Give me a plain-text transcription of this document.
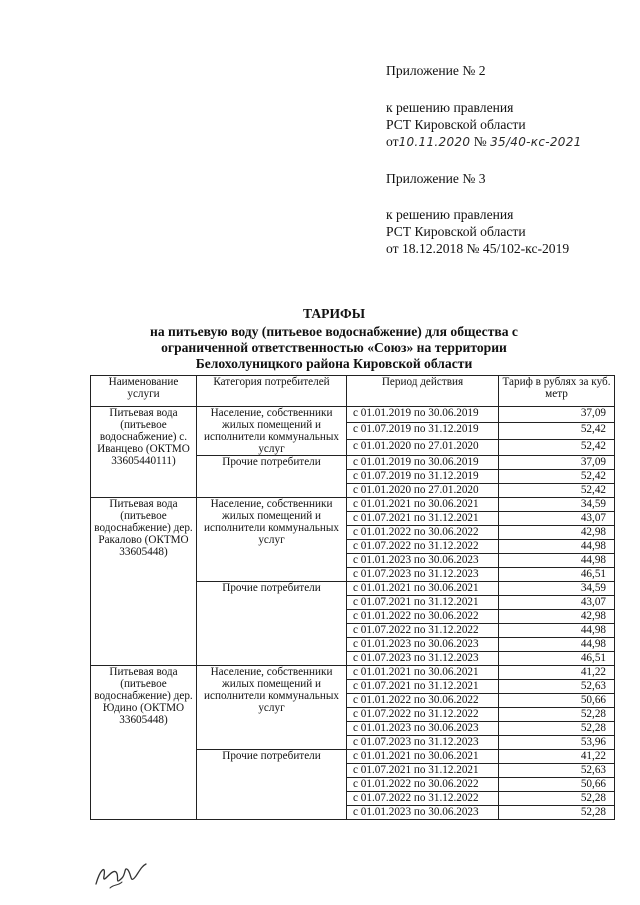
Приложение № 2
к решению правления
РСТ Кировской области
от10.11.2020 № 35/40-кс-2021
Приложение № 3
к решению правления
РСТ Кировской области
от 18.12.2018 № 45/102-кс-2019
ТАРИФЫ
на питьевую воду (питьевое водоснабжение) для общества с
ограниченной ответственностью «Союз» на территории
Белохолуницкого района Кировской области
Наименование услуги	Категория потребителей	Период действия	Тариф в рублях за куб. метр
Питьевая вода (питьевое водоснабжение) с. Иванцево (ОКТМО 33605440111)	Население, собственники жилых помещений и исполнители коммунальных услуг	с 01.01.2019 по 30.06.2019	37,09
		с 01.07.2019 по 31.12.2019	52,42
		с 01.01.2020 по 27.01.2020	52,42
	Прочие потребители	с 01.01.2019 по 30.06.2019	37,09
		с 01.07.2019 по 31.12.2019	52,42
		с 01.01.2020 по 27.01.2020	52,42
Питьевая вода (питьевое водоснабжение) дер. Ракалово (ОКТМО 33605448)	Население, собственники жилых помещений и исполнители коммунальных услуг	с 01.01.2021 по 30.06.2021	34,59
		с 01.07.2021 по 31.12.2021	43,07
		с 01.01.2022 по 30.06.2022	42,98
		с 01.07.2022 по 31.12.2022	44,98
		с 01.01.2023 по 30.06.2023	44,98
		с 01.07.2023 по 31.12.2023	46,51
	Прочие потребители	с 01.01.2021 по 30.06.2021	34,59
		с 01.07.2021 по 31.12.2021	43,07
		с 01.01.2022 по 30.06.2022	42,98
		с 01.07.2022 по 31.12.2022	44,98
		с 01.01.2023 по 30.06.2023	44,98
		с 01.07.2023 по 31.12.2023	46,51
Питьевая вода (питьевое водоснабжение) дер. Юдино (ОКТМО 33605448)	Население, собственники жилых помещений и исполнители коммунальных услуг	с 01.01.2021 по 30.06.2021	41,22
		с 01.07.2021 по 31.12.2021	52,63
		с 01.01.2022 по 30.06.2022	50,66
		с 01.07.2022 по 31.12.2022	52,28
		с 01.01.2023 по 30.06.2023	52,28
		с 01.07.2023 по 31.12.2023	53,96
	Прочие потребители	с 01.01.2021 по 30.06.2021	41,22
		с 01.07.2021 по 31.12.2021	52,63
		с 01.01.2022 по 30.06.2022	50,66
		с 01.07.2022 по 31.12.2022	52,28
		с 01.01.2023 по 30.06.2023	52,28
